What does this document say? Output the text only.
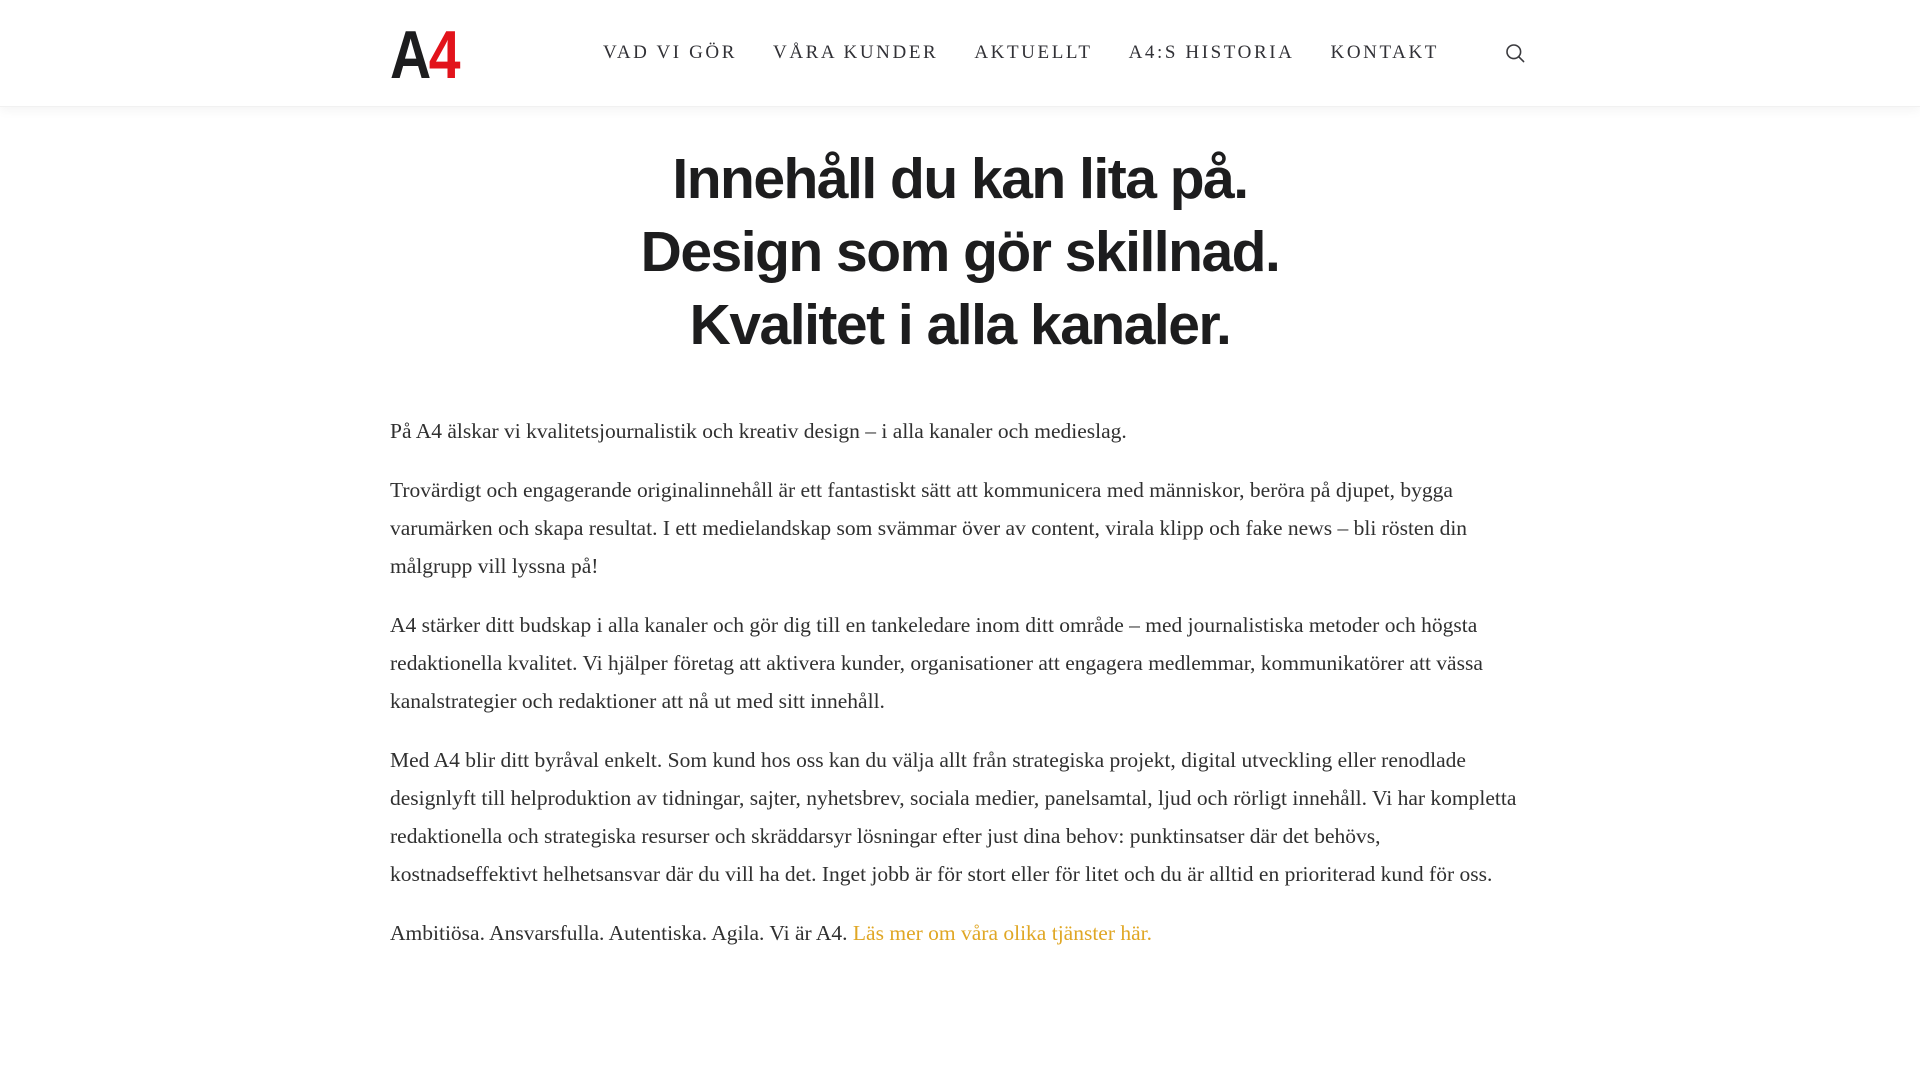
A4	VAD VI GÖR VÅRA KUNDER AKTUELLT A4:S HISTORIA KONTAKT
Innehåll du kan lita på.
Design som gör skillnad.
Kvalitet i alla kanaler.

På A4 älskar vi kvalitetsjournalistik och kreativ design – i alla kanaler och medieslag.

Trovärdigt och engagerande originalinnehåll är ett fantastiskt sätt att kommunicera med människor, beröra på djupet, bygga varumärken och skapa resultat. I ett medielandskap som svämmar över av content, virala klipp och fake news – bli rösten din målgrupp vill lyssna på!

A4 stärker ditt budskap i alla kanaler och gör dig till en tankeledare inom ditt område – med journalistiska metoder och högsta redaktionella kvalitet. Vi hjälper företag att aktivera kunder, organisationer att engagera medlemmar, kommunikatörer att vässa kanalstrategier och redaktioner att nå ut med sitt innehåll.

Med A4 blir ditt byråval enkelt. Som kund hos oss kan du välja allt från strategiska projekt, digital utveckling eller renodlade designlyft till helproduktion av tidningar, sajter, nyhetsbrev, sociala medier, panelsamtal, ljud och rörligt innehåll. Vi har kompletta redaktionella och strategiska resurser och skräddarsyr lösningar efter just dina behov: punktinsatser där det behövs, kostnadseffektivt helhetsansvar där du vill ha det. Inget jobb är för stort eller för litet och du är alltid en prioriterad kund för oss.

Ambitiösa. Ansvarsfulla. Autentiska. Agila. Vi är A4. Läs mer om våra olika tjänster här.
